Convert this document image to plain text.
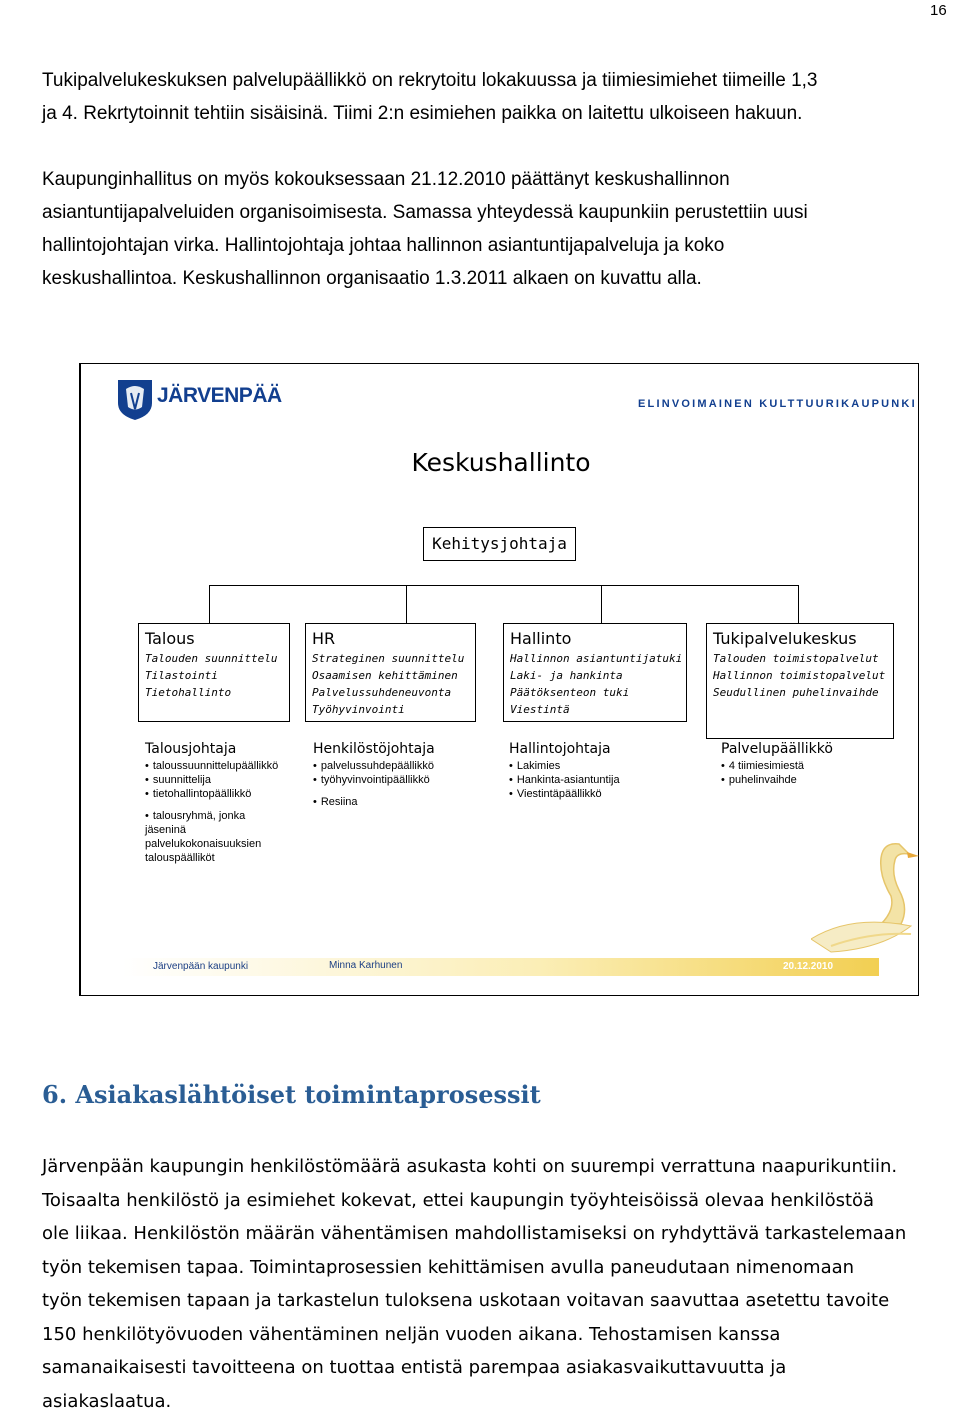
16
Tukipalvelukeskuksen palvelupäällikkö on rekrytoitu lokakuussa ja tiimiesimiehet tiimeille 1,3
ja 4. Rekrtytoinnit tehtiin sisäisinä. Tiimi 2:n esimiehen paikka on laitettu ulkoiseen hakuun.

Kaupunginhallitus on myös kokouksessaan 21.12.2010 päättänyt keskushallinnon
asiantuntijapalveluiden organisoimisesta. Samassa yhteydessä kaupunkiin perustettiin uusi
hallintojohtajan virka. Hallintojohtaja johtaa hallinnon asiantuntijapalveluja ja koko
keskushallintoa. Keskushallinnon organisaatio 1.3.2011 alkaen on kuvattu alla.
JÄRVENPÄÄ	ELINVOIMAINEN KULTTUURIKAUPUNKI
Keskushallinto
Kehitysjohtaja
Talous
Talouden suunnittelu
Tilastointi
Tietohallinto
HR
Strateginen suunnittelu
Osaamisen kehittäminen
Palvelussuhdeneuvonta
Työhyvinvointi
Hallinto
Hallinnon asiantuntijatuki
Laki- ja hankinta
Päätöksenteon tuki
Viestintä
Tukipalvelukeskus
Talouden toimistopalvelut
Hallinnon toimistopalvelut
Seudullinen puhelinvaihde
Talousjohtaja
• taloussuunnittelupäällikkö
• suunnittelija
• tietohallintopäällikkö
• talousryhmä, jonka
jäseninä
palvelukokonaisuuksien
talouspäälliköt
Henkilöstöjohtaja
• palvelussuhdepäällikkö
• työhyvinvointipäällikkö
• Resiina
Hallintojohtaja
• Lakimies
• Hankinta-asiantuntija
• Viestintäpäällikkö
Palvelupäällikkö
• 4 tiimiesimiestä
• puhelinvaihde
Järvenpään kaupunki	Minna Karhunen	20.12.2010
6. Asiakaslähtöiset toimintaprosessit
Järvenpään kaupungin henkilöstömäärä asukasta kohti on suurempi verrattuna naapurikuntiin.
Toisaalta henkilöstö ja esimiehet kokevat, ettei kaupungin työyhteisöissä olevaa henkilöstöä
ole liikaa. Henkilöstön määrän vähentämisen mahdollistamiseksi on ryhdyttävä tarkastelemaan
työn tekemisen tapaa. Toimintaprosessien kehittämisen avulla paneudutaan nimenomaan
työn tekemisen tapaan ja tarkastelun tuloksena uskotaan voitavan saavuttaa asetettu tavoite
150 henkilötyövuoden vähentäminen neljän vuoden aikana. Tehostamisen kanssa
samanaikaisesti tavoitteena on tuottaa entistä parempaa asiakasvaikuttavuutta ja
asiakaslaatua.
